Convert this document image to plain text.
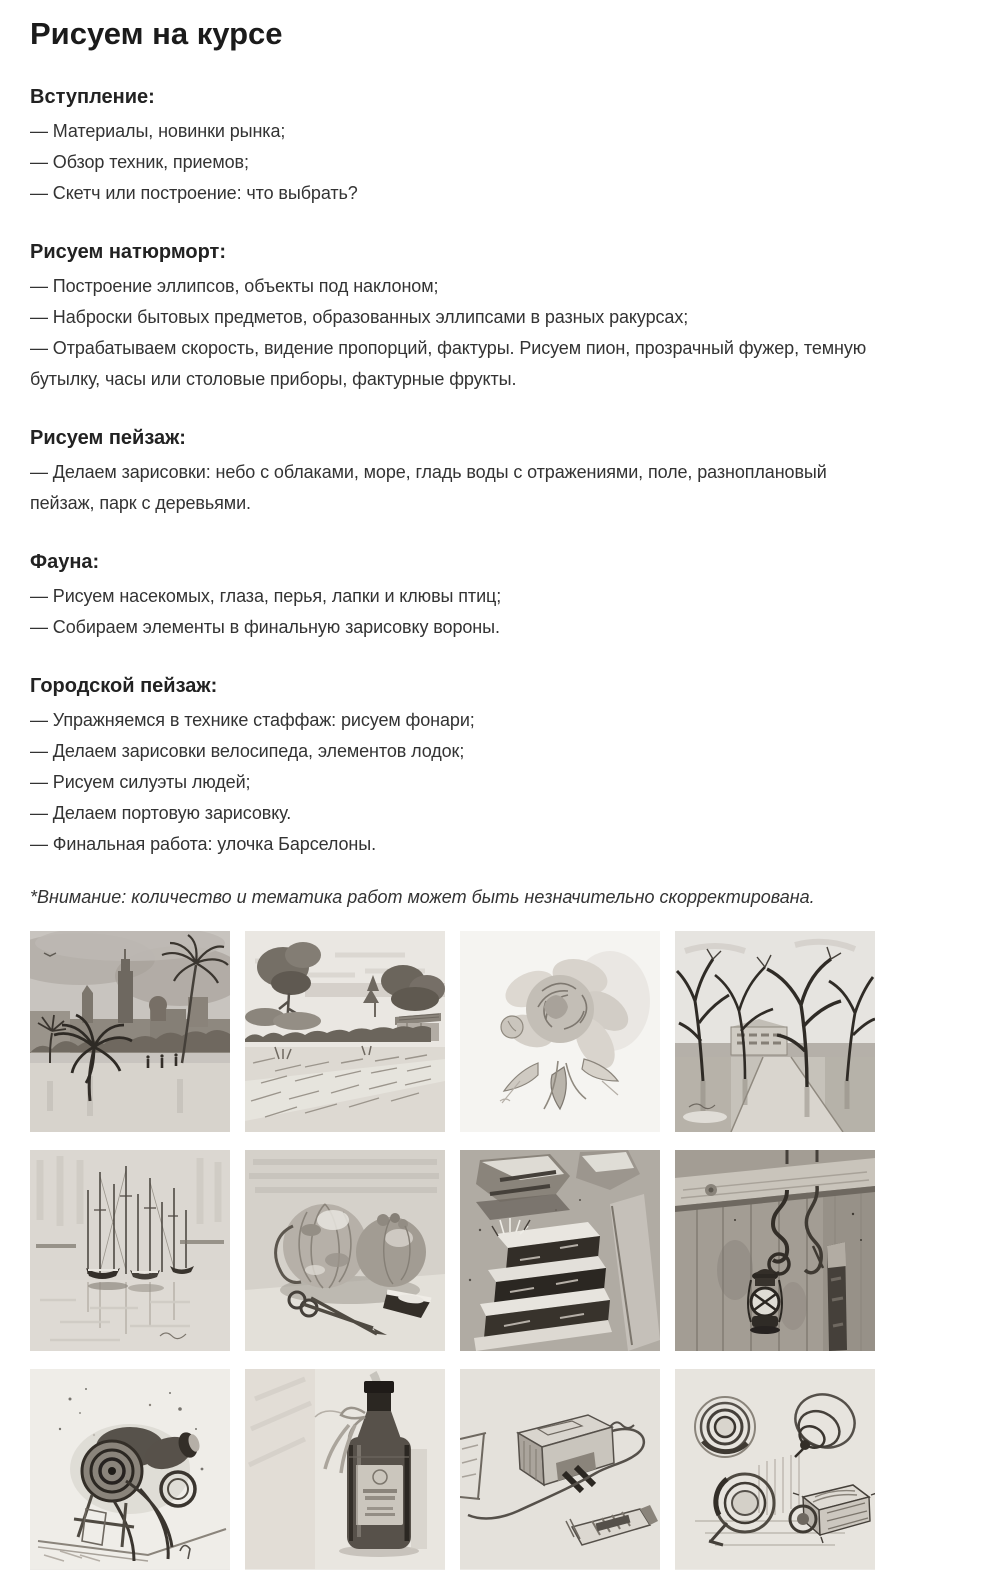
Рисуем на курсе
Вступление:

— Материалы, новинки рынка;

— Обзор техник, приемов;

— Скетч или построение: что выбрать?

Рисуем натюрморт:

— Построение эллипсов, объекты под наклоном;

— Наброски бытовых предметов, образованных эллипсами в разных ракурсах;

— Отрабатываем скорость, видение пропорций, фактуры. Рисуем пион, прозрачный фужер, темную

бутылку, часы или столовые приборы, фактурные фрукты.

Рисуем пейзаж:

— Делаем зарисовки: небо с облаками, море, гладь воды с отражениями, поле, разноплановый

пейзаж, парк с деревьями.

Фауна:

— Рисуем насекомых, глаза, перья, лапки и клювы птиц;

— Собираем элементы в финальную зарисовку вороны.

Городской пейзаж:

— Упражняемся в технике стаффаж: рисуем фонари;

— Делаем зарисовки велосипеда, элементов лодок;

— Рисуем силуэты людей;

— Делаем портовую зарисовку.

— Финальная работа: улочка Барселоны.

*Внимание: количество и тематика работ может быть незначительно скорректирована.
